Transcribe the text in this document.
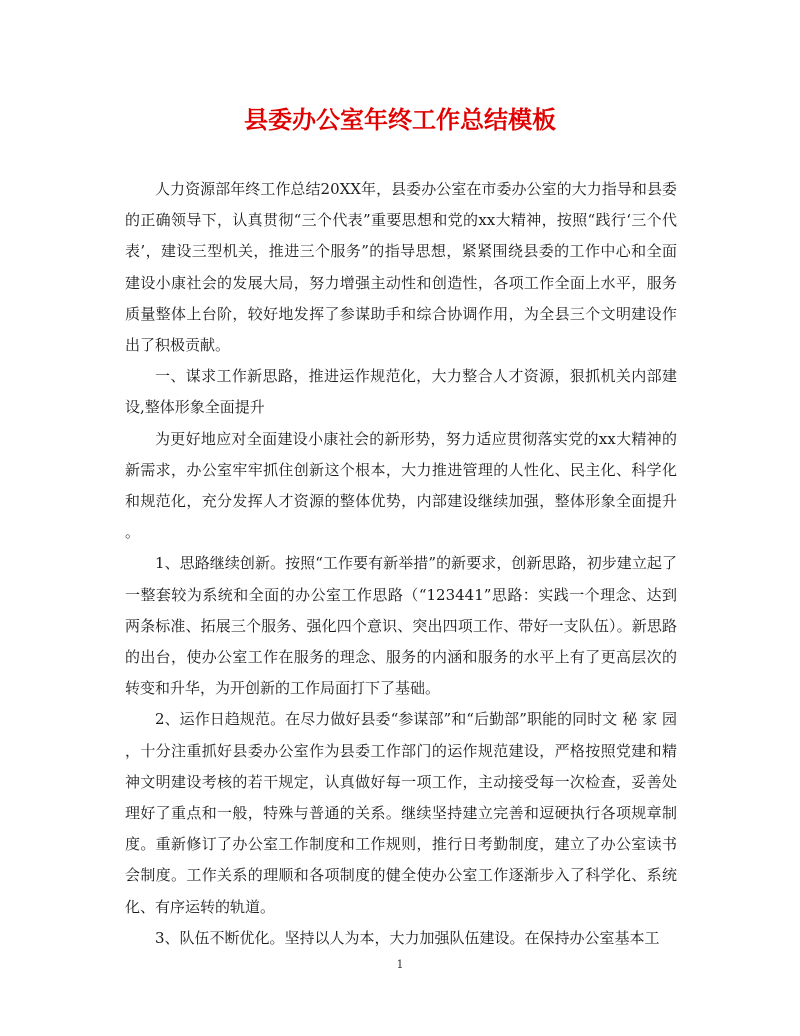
县委办公室年终工作总结模板

人力资源部年终工作总结20XX年，县委办公室在市委办公室的大力指导和县委的正确领导下，认真贯彻“三个代表”重要思想和党的xx大精神，按照“践行‘三个代表’，建设三型机关，推进三个服务”的指导思想，紧紧围绕县委的工作中心和全面建设小康社会的发展大局，努力增强主动性和创造性，各项工作全面上水平，服务质量整体上台阶，较好地发挥了参谋助手和综合协调作用，为全县三个文明建设作出了积极贡献。

一、谋求工作新思路，推进运作规范化，大力整合人才资源，狠抓机关内部建设,整体形象全面提升

为更好地应对全面建设小康社会的新形势，努力适应贯彻落实党的xx大精神的新需求，办公室牢牢抓住创新这个根本，大力推进管理的人性化、民主化、科学化和规范化，充分发挥人才资源的整体优势，内部建设继续加强，整体形象全面提升。

1、思路继续创新。按照“工作要有新举措”的新要求，创新思路，初步建立起了一整套较为系统和全面的办公室工作思路（“123441”思路：实践一个理念、达到两条标准、拓展三个服务、强化四个意识、突出四项工作、带好一支队伍）。新思路的出台，使办公室工作在服务的理念、服务的内涵和服务的水平上有了更高层次的转变和升华，为开创新的工作局面打下了基础。

2、运作日趋规范。在尽力做好县委“参谋部”和“后勤部”职能的同时文 秘 家 园，十分注重抓好县委办公室作为县委工作部门的运作规范建设，严格按照党建和精神文明建设考核的若干规定，认真做好每一项工作，主动接受每一次检查，妥善处理好了重点和一般，特殊与普通的关系。继续坚持建立完善和逗硬执行各项规章制度。重新修订了办公室工作制度和工作规则，推行日考勤制度，建立了办公室读书会制度。工作关系的理顺和各项制度的健全使办公室工作逐渐步入了科学化、系统化、有序运转的轨道。

3、队伍不断优化。坚持以人为本，大力加强队伍建设。在保持办公室基本工

1
